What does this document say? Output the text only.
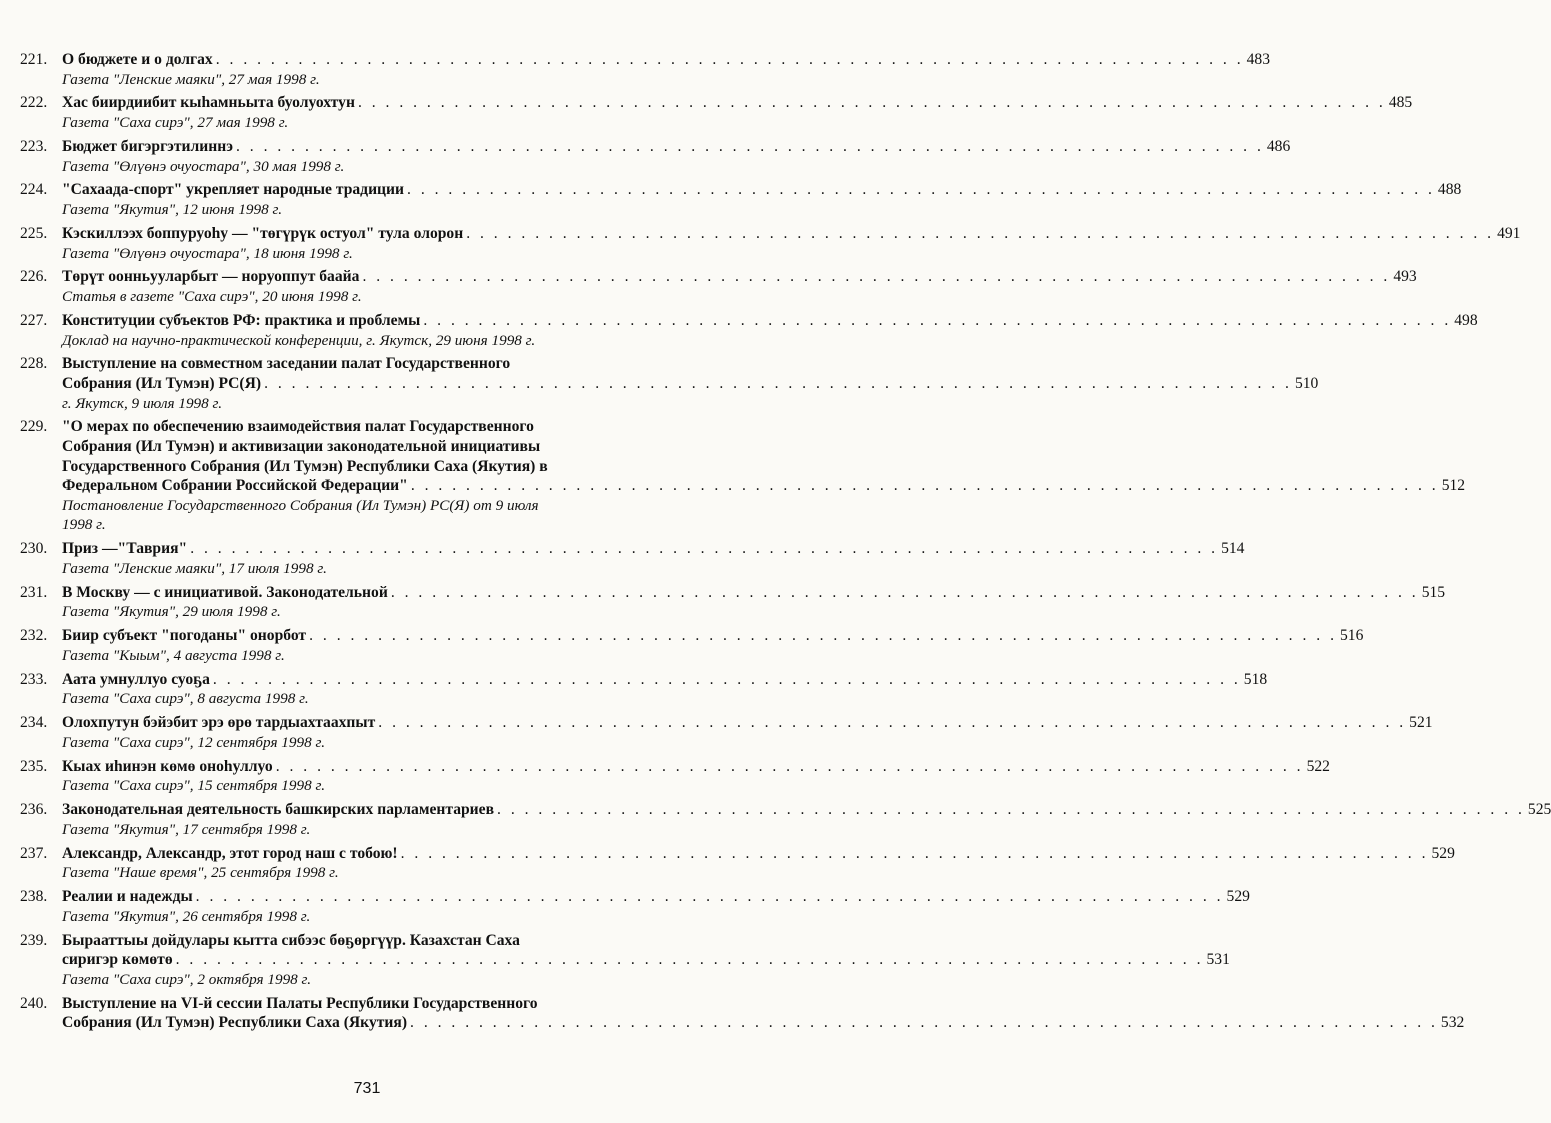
221. О бюджете и о долгах . . .	483
Газета "Ленские маяки", 27 мая 1998 г.
222. Хас биирдиибит кыhамньыта буолуохтун . . .	485
Газета "Саха сирэ", 27 мая 1998 г.
223. Бюджет бигэргэтилиннэ . . .	486
Газета "Өлүөнэ очуостара", 30 мая 1998 г.
224. "Сахаада-спорт" укрепляет народные традиции . . .	488
Газета "Якутия", 12 июня 1998 г.
225. Кэскиллээх боппуруоhу — "төгүрүк остуол" тула олорон . . .	491
Газета "Өлүөнэ очуостара", 18 июня 1998 г.
226. Төрүт оонньууларбыт — норуоппут баайа . . .	493
Статья в газете "Саха сирэ", 20 июня 1998 г.
227. Конституции субъектов РФ: практика и проблемы . . .	498
Доклад на научно-практической конференции, г. Якутск, 29 июня 1998 г.
228. Выступление на совместном заседании палат Государственного
Собрания (Ил Тумэн) РС(Я) . . .	510
г. Якутск, 9 июля 1998 г.
229. "О мерах по обеспечению взаимодействия палат Государственного
Собрания (Ил Тумэн) и активизации законодательной инициативы
Государственного Собрания (Ил Тумэн) Республики Саха (Якутия) в
Федеральном Собрании Российской Федерации" . . .	512
Постановление Государственного Собрания (Ил Тумэн) РС(Я) от 9 июля
1998 г.
230. Приз —"Таврия" . . .	514
Газета "Ленские маяки", 17 июля 1998 г.
231. В Москву — с инициативой. Законодательной . . .	515
Газета "Якутия", 29 июля 1998 г.
232. Биир субъект "погоданы" онорбот . . .	516
Газета "Кыым", 4 августа 1998 г.
233. Аата умнуллуо суоҕа . . .	518
Газета "Саха сирэ", 8 августа 1998 г.
234. Олохпутун бэйэбит эрэ өрө тардыахтаахпыт . . .	521
Газета "Саха сирэ", 12 сентября 1998 г.
235. Кыах иhинэн көмө оноhуллуо . . .	522
Газета "Саха сирэ", 15 сентября 1998 г.
236. Законодательная деятельность башкирских парламентариев . . .	525
Газета "Якутия", 17 сентября 1998 г.
237. Александр, Александр, этот город наш с тобою! . . .	529
Газета "Наше время", 25 сентября 1998 г.
238. Реалии и надежды . . .	529
Газета "Якутия", 26 сентября 1998 г.
239. Бырааттыы дойдулары кытта сибээс бөҕөргүүр. Казахстан Саха
сиригэр көмөтө . . .	531
Газета "Саха сирэ", 2 октября 1998 г.
240. Выступление на VI-й сессии Палаты Республики Государственного
Собрания (Ил Тумэн) Республики Саха (Якутия) . . .	532
731
